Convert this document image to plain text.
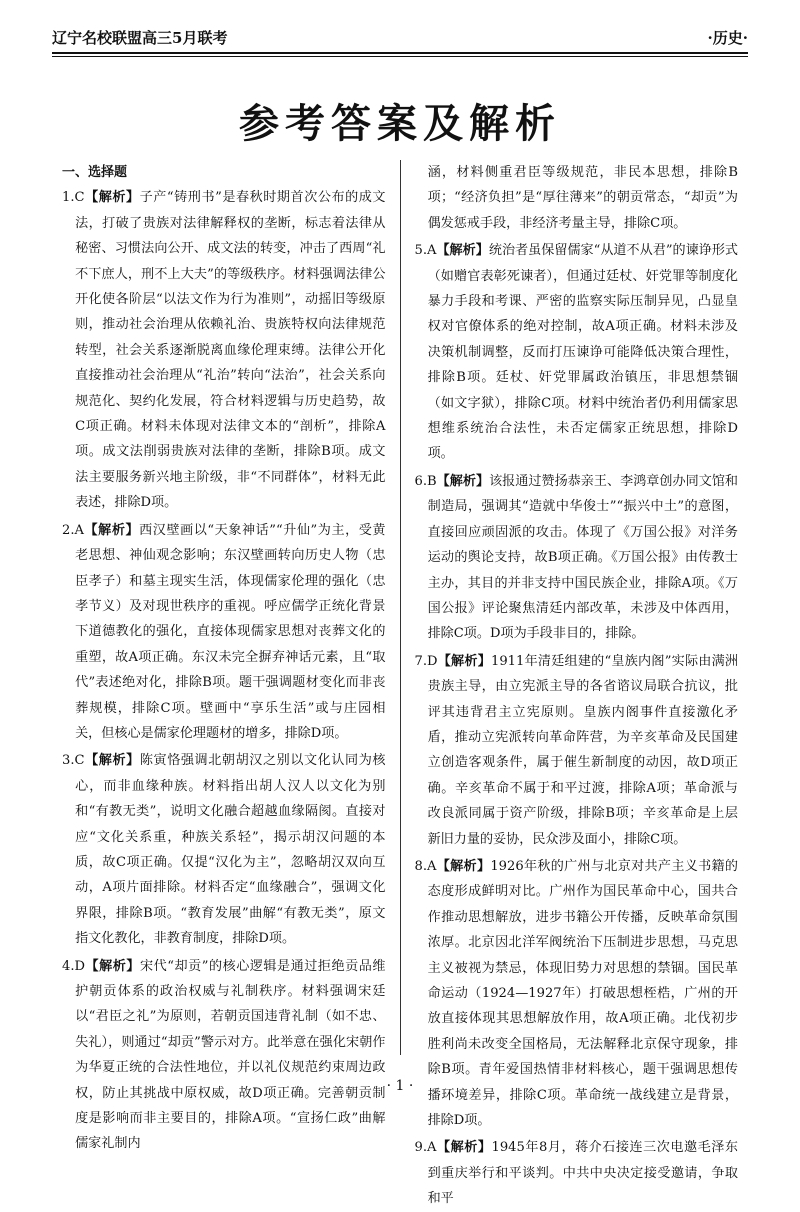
辽宁名校联盟高三5月联考	·历史·
参考答案及解析
一、选择题
1.C【解析】子产“铸刑书”是春秋时期首次公布的成文法，打破了贵族对法律解释权的垄断，标志着法律从秘密、习惯法向公开、成文法的转变，冲击了西周“礼不下庶人，刑不上大夫”的等级秩序。材料强调法律公开化使各阶层“以法文作为行为准则”，动摇旧等级原则，推动社会治理从依赖礼治、贵族特权向法律规范转型，社会关系逐渐脱离血缘伦理束缚。法律公开化直接推动社会治理从“礼治”转向“法治”，社会关系向规范化、契约化发展，符合材料逻辑与历史趋势，故C项正确。材料未体现对法律文本的“剖析”，排除A项。成文法削弱贵族对法律的垄断，排除B项。成文法主要服务新兴地主阶级，非“不同群体”，材料无此表述，排除D项。
2.A【解析】西汉壁画以“天象神话”“升仙”为主，受黄老思想、神仙观念影响；东汉壁画转向历史人物（忠臣孝子）和墓主现实生活，体现儒家伦理的强化（忠孝节义）及对现世秩序的重视。呼应儒学正统化背景下道德教化的强化，直接体现儒家思想对丧葬文化的重塑，故A项正确。东汉未完全摒弃神话元素，且“取代”表述绝对化，排除B项。题干强调题材变化而非丧葬规模，排除C项。壁画中“享乐生活”或与庄园相关，但核心是儒家伦理题材的增多，排除D项。
3.C【解析】陈寅恪强调北朝胡汉之别以文化认同为核心，而非血缘种族。材料指出胡人汉人以文化为别和“有教无类”，说明文化融合超越血缘隔阂。直接对应“文化关系重，种族关系轻”，揭示胡汉问题的本质，故C项正确。仅提“汉化为主”，忽略胡汉双向互动，A项片面排除。材料否定“血缘融合”，强调文化界限，排除B项。“教育发展”曲解“有教无类”，原文指文化教化，非教育制度，排除D项。
4.D【解析】宋代“却贡”的核心逻辑是通过拒绝贡品维护朝贡体系的政治权威与礼制秩序。材料强调宋廷以“君臣之礼”为原则，若朝贡国违背礼制（如不忠、失礼），则通过“却贡”警示对方。此举意在强化宋朝作为华夏正统的合法性地位，并以礼仪规范约束周边政权，防止其挑战中原权威，故D项正确。完善朝贡制度是影响而非主要目的，排除A项。“宣扬仁政”曲解儒家礼制内
涵，材料侧重君臣等级规范，非民本思想，排除B项；“经济负担”是“厚往薄来”的朝贡常态，“却贡”为偶发惩戒手段，非经济考量主导，排除C项。
5.A【解析】统治者虽保留儒家“从道不从君”的谏诤形式（如赠官表彰死谏者），但通过廷杖、奸党罪等制度化暴力手段和考课、严密的监察实际压制异见，凸显皇权对官僚体系的绝对控制，故A项正确。材料未涉及决策机制调整，反而打压谏诤可能降低决策合理性，排除B项。廷杖、奸党罪属政治镇压，非思想禁锢（如文字狱），排除C项。材料中统治者仍利用儒家思想维系统治合法性，未否定儒家正统思想，排除D项。
6.B【解析】该报通过赞扬恭亲王、李鸿章创办同文馆和制造局，强调其“造就中华俊士”“振兴中土”的意图，直接回应顽固派的攻击。体现了《万国公报》对洋务运动的舆论支持，故B项正确。《万国公报》由传教士主办，其目的并非支持中国民族企业，排除A项。《万国公报》评论聚焦清廷内部改革，未涉及中体西用，排除C项。D项为手段非目的，排除。
7.D【解析】1911年清廷组建的“皇族内阁”实际由满洲贵族主导，由立宪派主导的各省谘议局联合抗议，批评其违背君主立宪原则。皇族内阁事件直接激化矛盾，推动立宪派转向革命阵营，为辛亥革命及民国建立创造客观条件，属于催生新制度的动因，故D项正确。辛亥革命不属于和平过渡，排除A项；革命派与改良派同属于资产阶级，排除B项；辛亥革命是上层新旧力量的妥协，民众涉及面小，排除C项。
8.A【解析】1926年秋的广州与北京对共产主义书籍的态度形成鲜明对比。广州作为国民革命中心，国共合作推动思想解放，进步书籍公开传播，反映革命氛围浓厚。北京因北洋军阀统治下压制进步思想，马克思主义被视为禁忌，体现旧势力对思想的禁锢。国民革命运动（1924—1927年）打破思想桎梏，广州的开放直接体现其思想解放作用，故A项正确。北伐初步胜利尚未改变全国格局，无法解释北京保守现象，排除B项。青年爱国热情非材料核心，题干强调思想传播环境差异，排除C项。革命统一战线建立是背景，排除D项。
9.A【解析】1945年8月，蒋介石接连三次电邀毛泽东到重庆举行和平谈判。中共中央决定接受邀请，争取和平
· 1 ·
